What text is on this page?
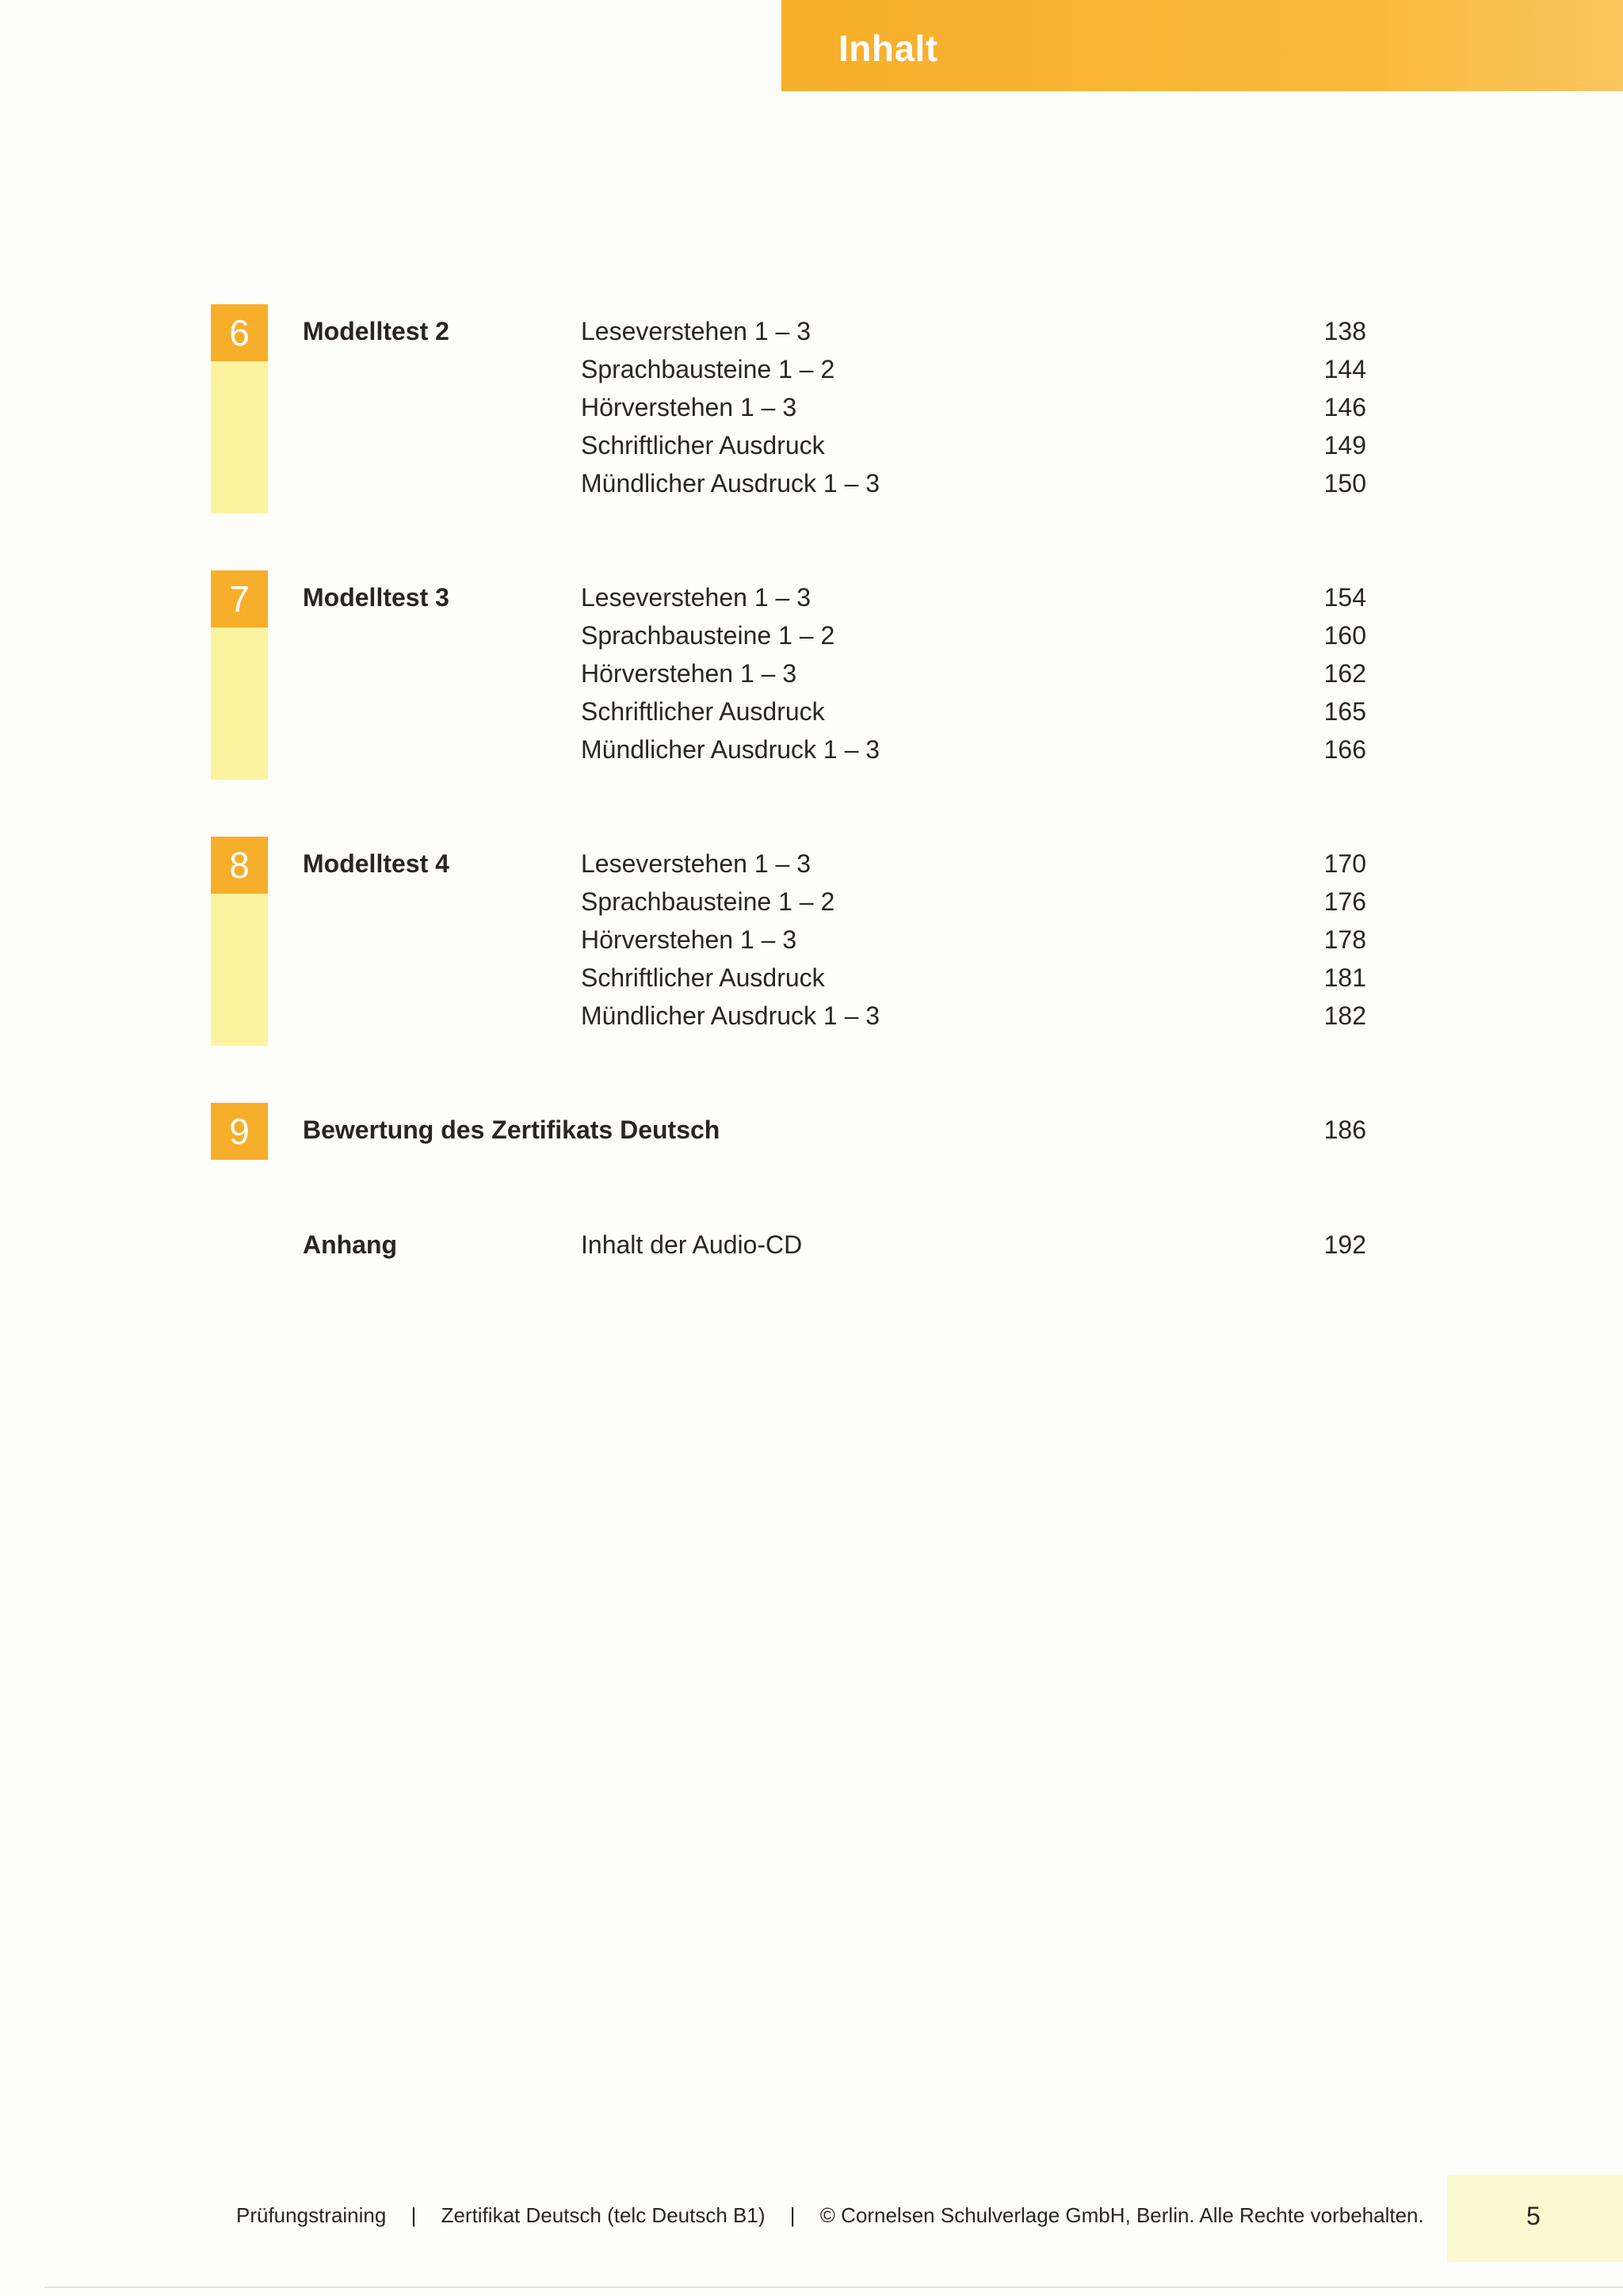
Inhalt
6	Modelltest 2	Leseverstehen 1 – 3	138
Sprachbausteine 1 – 2	144
Hörverstehen 1 – 3	146
Schriftlicher Ausdruck	149
Mündlicher Ausdruck 1 – 3	150
7	Modelltest 3	Leseverstehen 1 – 3	154
Sprachbausteine 1 – 2	160
Hörverstehen 1 – 3	162
Schriftlicher Ausdruck	165
Mündlicher Ausdruck 1 – 3	166
8	Modelltest 4	Leseverstehen 1 – 3	170
Sprachbausteine 1 – 2	176
Hörverstehen 1 – 3	178
Schriftlicher Ausdruck	181
Mündlicher Ausdruck 1 – 3	182
9	Bewertung des Zertifikats Deutsch	186
Anhang	Inhalt der Audio-CD	192
Prüfungstraining | Zertifikat Deutsch (telc Deutsch B1) | © Cornelsen Schulverlage GmbH, Berlin. Alle Rechte vorbehalten.	5
